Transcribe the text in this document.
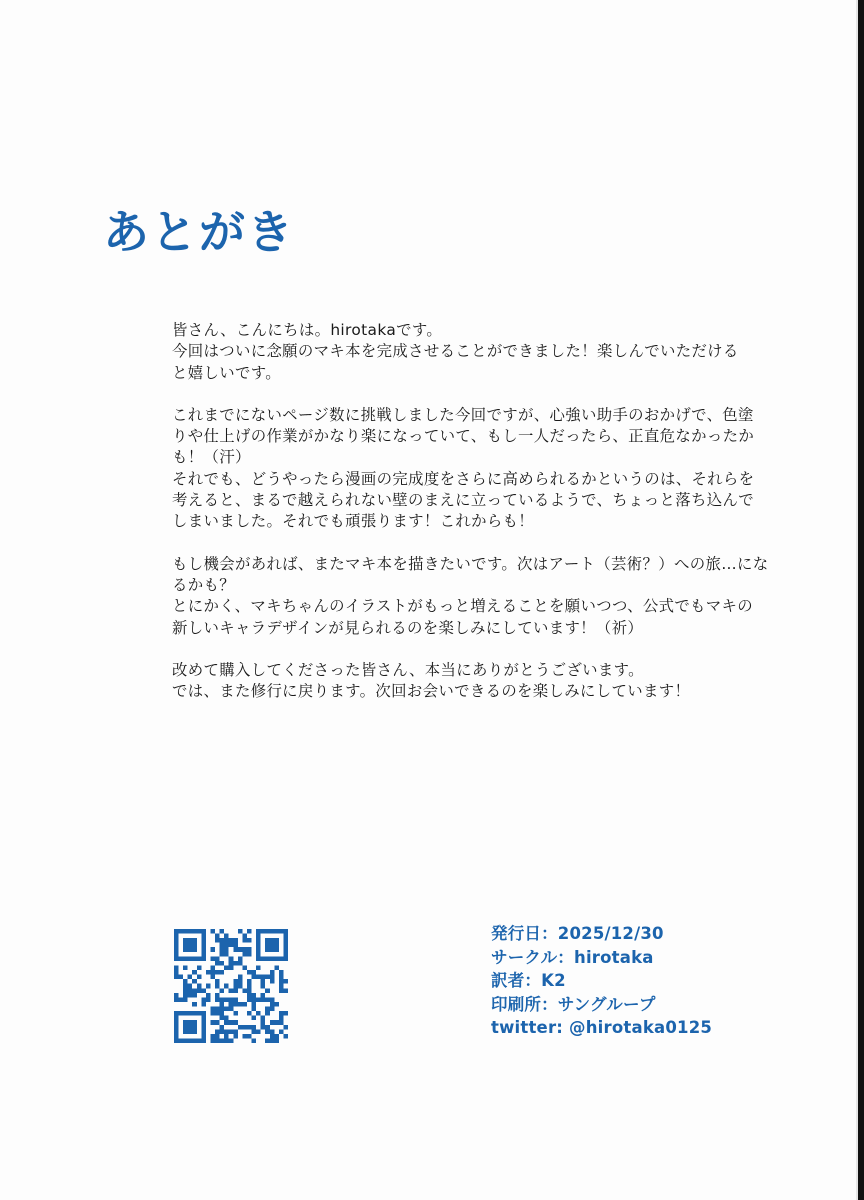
あとがき
皆さん、こんにちは。hirotakaです。
今回はついに念願のマキ本を完成させることができました！楽しんでいただける
と嬉しいです。
これまでにないページ数に挑戦しました今回ですが、心強い助手のおかげで、色塗
りや仕上げの作業がかなり楽になっていて、もし一人だったら、正直危なかったか
も！（汗）
それでも、どうやったら漫画の完成度をさらに高められるかというのは、それらを
考えると、まるで越えられない壁のまえに立っているようで、ちょっと落ち込んで
しまいました。それでも頑張ります！これからも！
もし機会があれば、またマキ本を描きたいです。次はアート（芸術？）への旅…にな
るかも？
とにかく、マキちゃんのイラストがもっと増えることを願いつつ、公式でもマキの
新しいキャラデザインが見られるのを楽しみにしています！（祈）
改めて購入してくださった皆さん、本当にありがとうございます。
では、また修行に戻ります。次回お会いできるのを楽しみにしています！
発行日：2025/12/30
サークル：hirotaka
訳者：K2
印刷所：サングループ
twitter: @hirotaka0125
